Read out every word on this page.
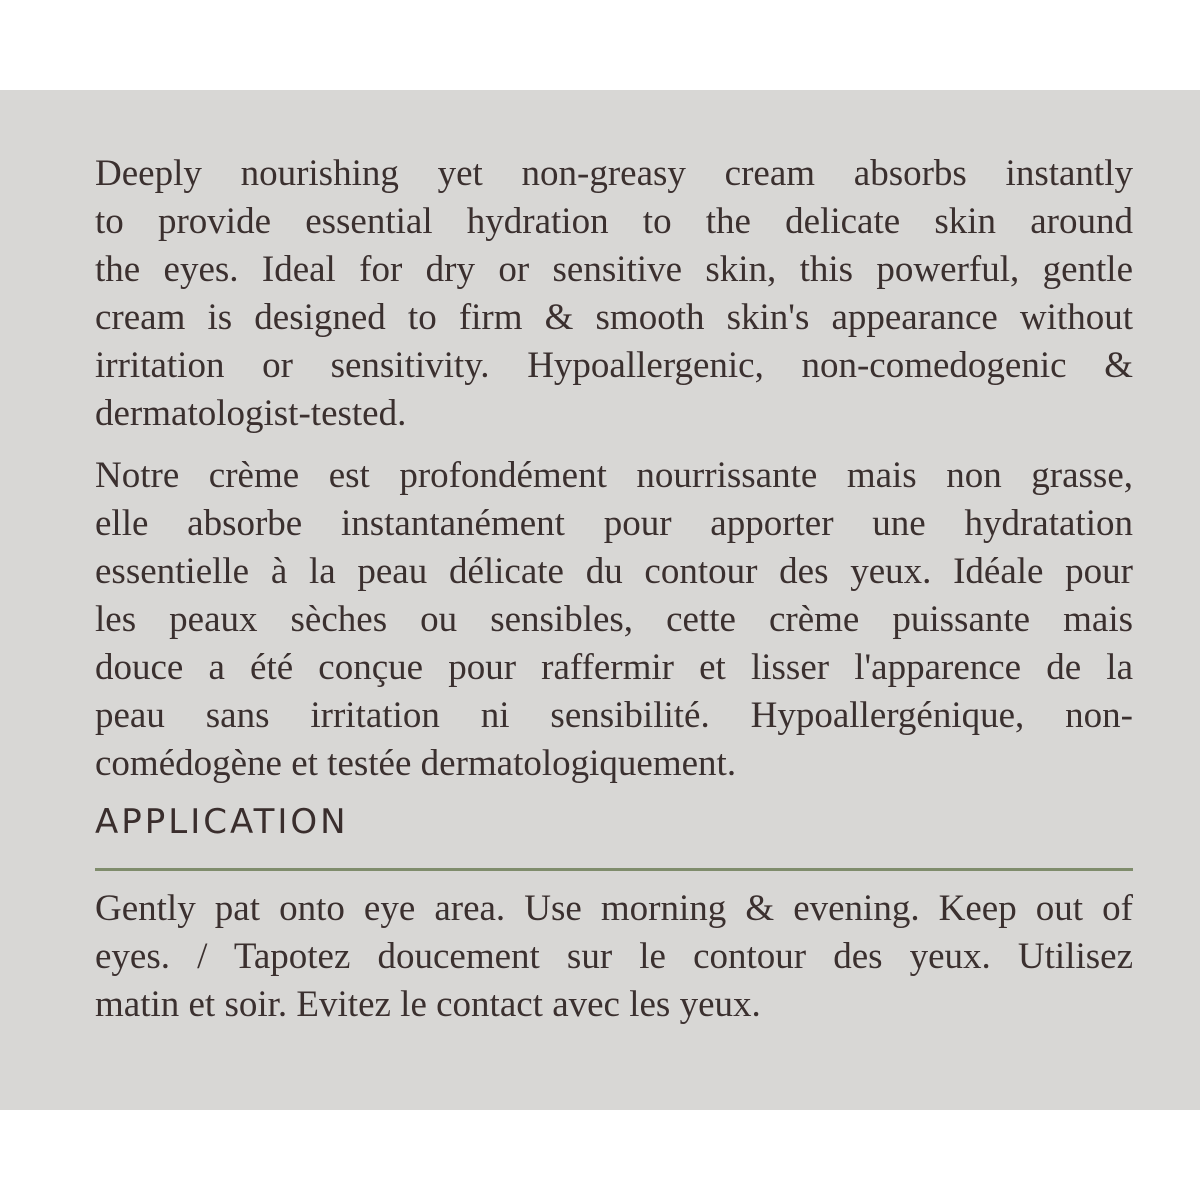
Deeply nourishing yet non-greasy cream absorbs instantly
to provide essential hydration to the delicate skin around
the eyes. Ideal for dry or sensitive skin, this powerful, gentle
cream is designed to firm & smooth skin's appearance without
irritation or sensitivity. Hypoallergenic, non-comedogenic &
dermatologist-tested.
Notre crème est profondément nourrissante mais non grasse,
elle absorbe instantanément pour apporter une hydratation
essentielle à la peau délicate du contour des yeux. Idéale pour
les peaux sèches ou sensibles, cette crème puissante mais
douce a été conçue pour raffermir et lisser l'apparence de la
peau sans irritation ni sensibilité. Hypoallergénique, non-
comédogène et testée dermatologiquement.
APPLICATION
Gently pat onto eye area. Use morning & evening. Keep out of
eyes. / Tapotez doucement sur le contour des yeux. Utilisez
matin et soir. Evitez le contact avec les yeux.
